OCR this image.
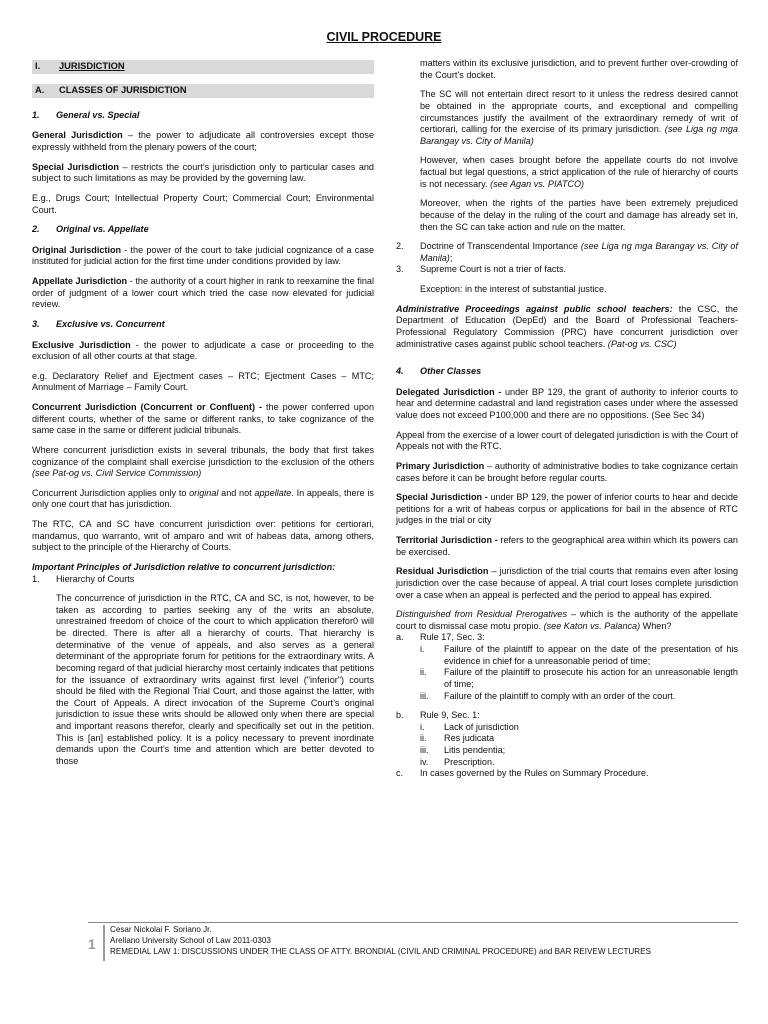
CIVIL PROCEDURE
I.	JURISDICTION
A.	CLASSES OF JURISDICTION
1.	General vs. Special

General Jurisdiction – the power to adjudicate all controversies except those expressly withheld from the plenary powers of the court;

Special Jurisdiction – restricts the court’s jurisdiction only to particular cases and subject to such limitations as may be provided by the governing law.

E.g., Drugs Court; Intellectual Property Court; Commercial Court; Environmental Court.

2.	Original vs. Appellate

Original Jurisdiction - the power of the court to take judicial cognizance of a case instituted for judicial action for the first time under conditions provided by law.

Appellate Jurisdiction - the authority of a court higher in rank to reexamine the final order of judgment of a lower court which tried the case now elevated for judicial review.

3.	Exclusive vs. Concurrent

Exclusive Jurisdiction - the power to adjudicate a case or proceeding to the exclusion of all other courts at that stage.

e.g. Declaratory Relief and Ejectment cases – RTC; Ejectment Cases – MTC; Annulment of Marriage – Family Court.

Concurrent Jurisdiction (Concurrent or Confluent) - the power conferred upon different courts, whether of the same or different ranks, to take cognizance of the same case in the same or different judicial tribunals.

Where concurrent jurisdiction exists in several tribunals, the body that first takes cognizance of the complaint shall exercise jurisdiction to the exclusion of the others (see Pat-og vs. Civil Service Commission)

Concurrent Jurisdiction applies only to original and not appellate. In appeals, there is only one court that has jurisdiction.

The RTC, CA and SC have concurrent jurisdiction over: petitions for certiorari, mandamus, quo warranto, writ of amparo and writ of habeas data, among others, subject to the principle of the Hierarchy of Courts.

Important Principles of Jurisdiction relative to concurrent jurisdiction:

1.	Hierarchy of Courts

The concurrence of jurisdiction in the RTC, CA and SC, is not, however, to be taken as according to parties seeking any of the writs an absolute, unrestrained freedom of choice of the court to which application therefor0 will be directed. There is after all a hierarchy of courts. That hierarchy is determinative of the venue of appeals, and also serves as a general determinant of the appropriate forum for petitions for the extraordinary writs. A becoming regard of that judicial hierarchy most certainly indicates that petitions for the issuance of extraordinary writs against first level ("inferior") courts should be filed with the Regional Trial Court, and those against the latter, with the Court of Appeals. A direct invocation of the Supreme Court’s original jurisdiction to issue these writs should be allowed only when there are special and important reasons therefor, clearly and specifically set out in the petition. This is [an] established policy. It is a policy necessary to prevent inordinate demands upon the Court’s time and attention which are better devoted to those

matters within its exclusive jurisdiction, and to prevent further over-crowding of the Court’s docket.

The SC will not entertain direct resort to it unless the redress desired cannot be obtained in the appropriate courts, and exceptional and compelling circumstances justify the availment of the extraordinary remedy of writ of certiorari, calling for the exercise of its primary jurisdiction. (see Liga ng mga Barangay vs. City of Manila)

However, when cases brought before the appellate courts do not involve factual but legal questions, a strict application of the rule of hierarchy of courts is not necessary. (see Agan vs. PIATCO)

Moreover, when the rights of the parties have been extremely prejudiced because of the delay in the ruling of the court and damage has already set in, then the SC can take action and rule on the matter.

2.	Doctrine of Transcendental Importance (see Liga ng mga Barangay vs. City of Manila);
3.	Supreme Court is not a trier of facts.

Exception: in the interest of substantial justice.

Administrative Proceedings against public school teachers: the CSC, the Department of Education (DepEd) and the Board of Professional Teachers-Professional Regulatory Commission (PRC) have concurrent jurisdiction over administrative cases against public school teachers. (Pat-og vs. CSC)

4.	Other Classes

Delegated Jurisdiction - under BP 129, the grant of authority to inferior courts to hear and determine cadastral and land registration cases under where the assessed value does not exceed P100,000 and there are no oppositions. (See Sec 34)

Appeal from the exercise of a lower court of delegated jurisdiction is with the Court of Appeals not with the RTC.

Primary Jurisdiction – authority of administrative bodies to take cognizance certain cases before it can be brought before regular courts.

Special Jurisdiction - under BP 129, the power of inferior courts to hear and decide petitions for a writ of habeas corpus or applications for bail in the absence of RTC judges in the trial or city

Territorial Jurisdiction - refers to the geographical area within which its powers can be exercised.

Residual Jurisdiction – jurisdiction of the trial courts that remains even after losing jurisdiction over the case because of appeal. A trial court loses complete jurisdiction over a case when an appeal is perfected and the period to appeal has expired.

Distinguished from Residual Prerogatives – which is the authority of the appellate court to dismissal case motu propio. (see Katon vs. Palanca) When?

a.	Rule 17, Sec. 3:
i.	Failure of the plaintiff to appear on the date of the presentation of his evidence in chief for a unreasonable period of time;
ii.	Failure of the plaintiff to prosecute his action for an unreasonable length of time;
iii.	Failure of the plaintiff to comply with an order of the court.
b.	Rule 9, Sec. 1:
i.	Lack of jurisdiction
ii.	Res judicata
iii.	Litis pendentia;
iv.	Prescription.
c.	In cases governed by the Rules on Summary Procedure.
1
Cesar Nickolai F. Soriano Jr.
Arellano University School of Law 2011-0303
REMEDIAL LAW 1: DISCUSSIONS UNDER THE CLASS OF ATTY. BRONDIAL (CIVIL AND CRIMINAL PROCEDURE) and BAR REIVEW LECTURES
